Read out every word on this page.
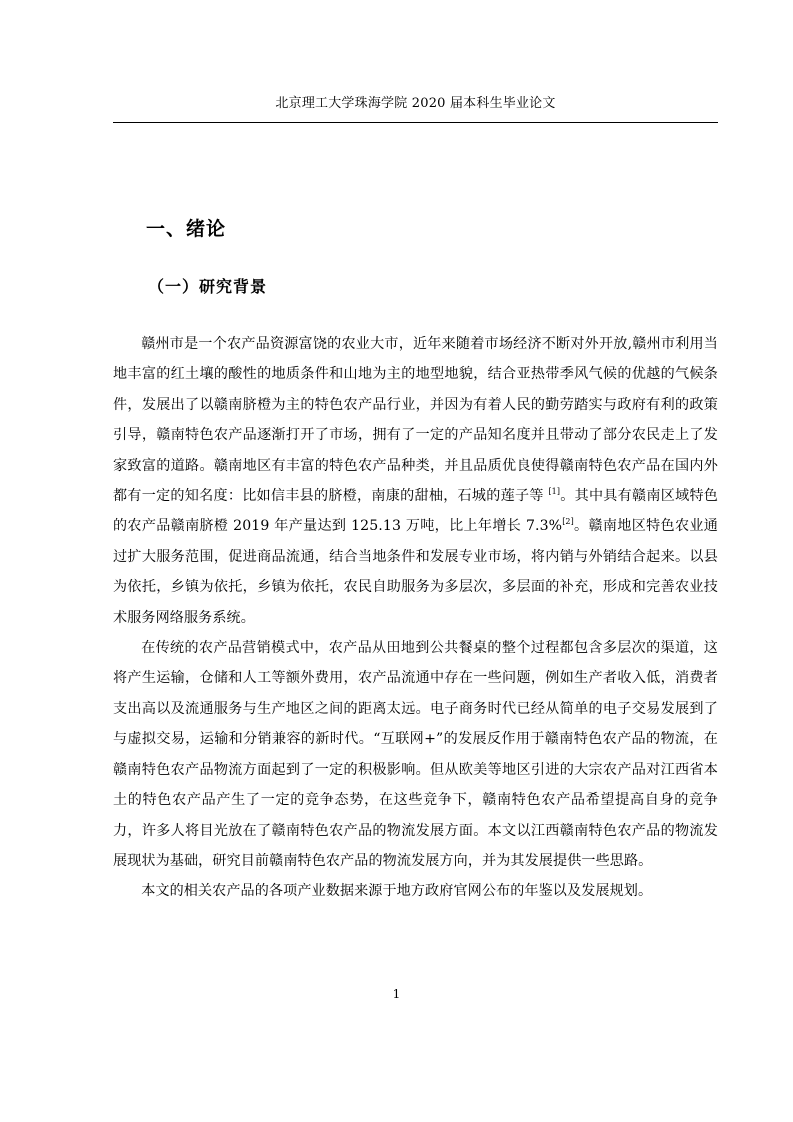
北京理工大学珠海学院 2020 届本科生毕业论文
一、绪论
（一）研究背景

赣州市是一个农产品资源富饶的农业大市，近年来随着市场经济不断对外开放,赣州市利用当地丰富的红土壤的酸性的地质条件和山地为主的地型地貌，结合亚热带季风气候的优越的气候条件，发展出了以赣南脐橙为主的特色农产品行业，并因为有着人民的勤劳踏实与政府有利的政策引导，赣南特色农产品逐渐打开了市场，拥有了一定的产品知名度并且带动了部分农民走上了发家致富的道路。赣南地区有丰富的特色农产品种类，并且品质优良使得赣南特色农产品在国内外都有一定的知名度：比如信丰县的脐橙，南康的甜柚，石城的莲子等 [1]。其中具有赣南区域特色的农产品赣南脐橙 2019 年产量达到 125.13 万吨，比上年增长 7.3%[2]。赣南地区特色农业通过扩大服务范围，促进商品流通，结合当地条件和发展专业市场，将内销与外销结合起来。以县为依托，乡镇为依托，乡镇为依托，农民自助服务为多层次，多层面的补充，形成和完善农业技术服务网络服务系统。

在传统的农产品营销模式中，农产品从田地到公共餐桌的整个过程都包含多层次的渠道，这将产生运输，仓储和人工等额外费用，农产品流通中存在一些问题，例如生产者收入低，消费者支出高以及流通服务与生产地区之间的距离太远。电子商务时代已经从简单的电子交易发展到了与虚拟交易，运输和分销兼容的新时代。“互联网+”的发展反作用于赣南特色农产品的物流，在赣南特色农产品物流方面起到了一定的积极影响。但从欧美等地区引进的大宗农产品对江西省本土的特色农产品产生了一定的竞争态势，在这些竞争下，赣南特色农产品希望提高自身的竞争力，许多人将目光放在了赣南特色农产品的物流发展方面。本文以江西赣南特色农产品的物流发展现状为基础，研究目前赣南特色农产品的物流发展方向，并为其发展提供一些思路。

本文的相关农产品的各项产业数据来源于地方政府官网公布的年鉴以及发展规划。

1
